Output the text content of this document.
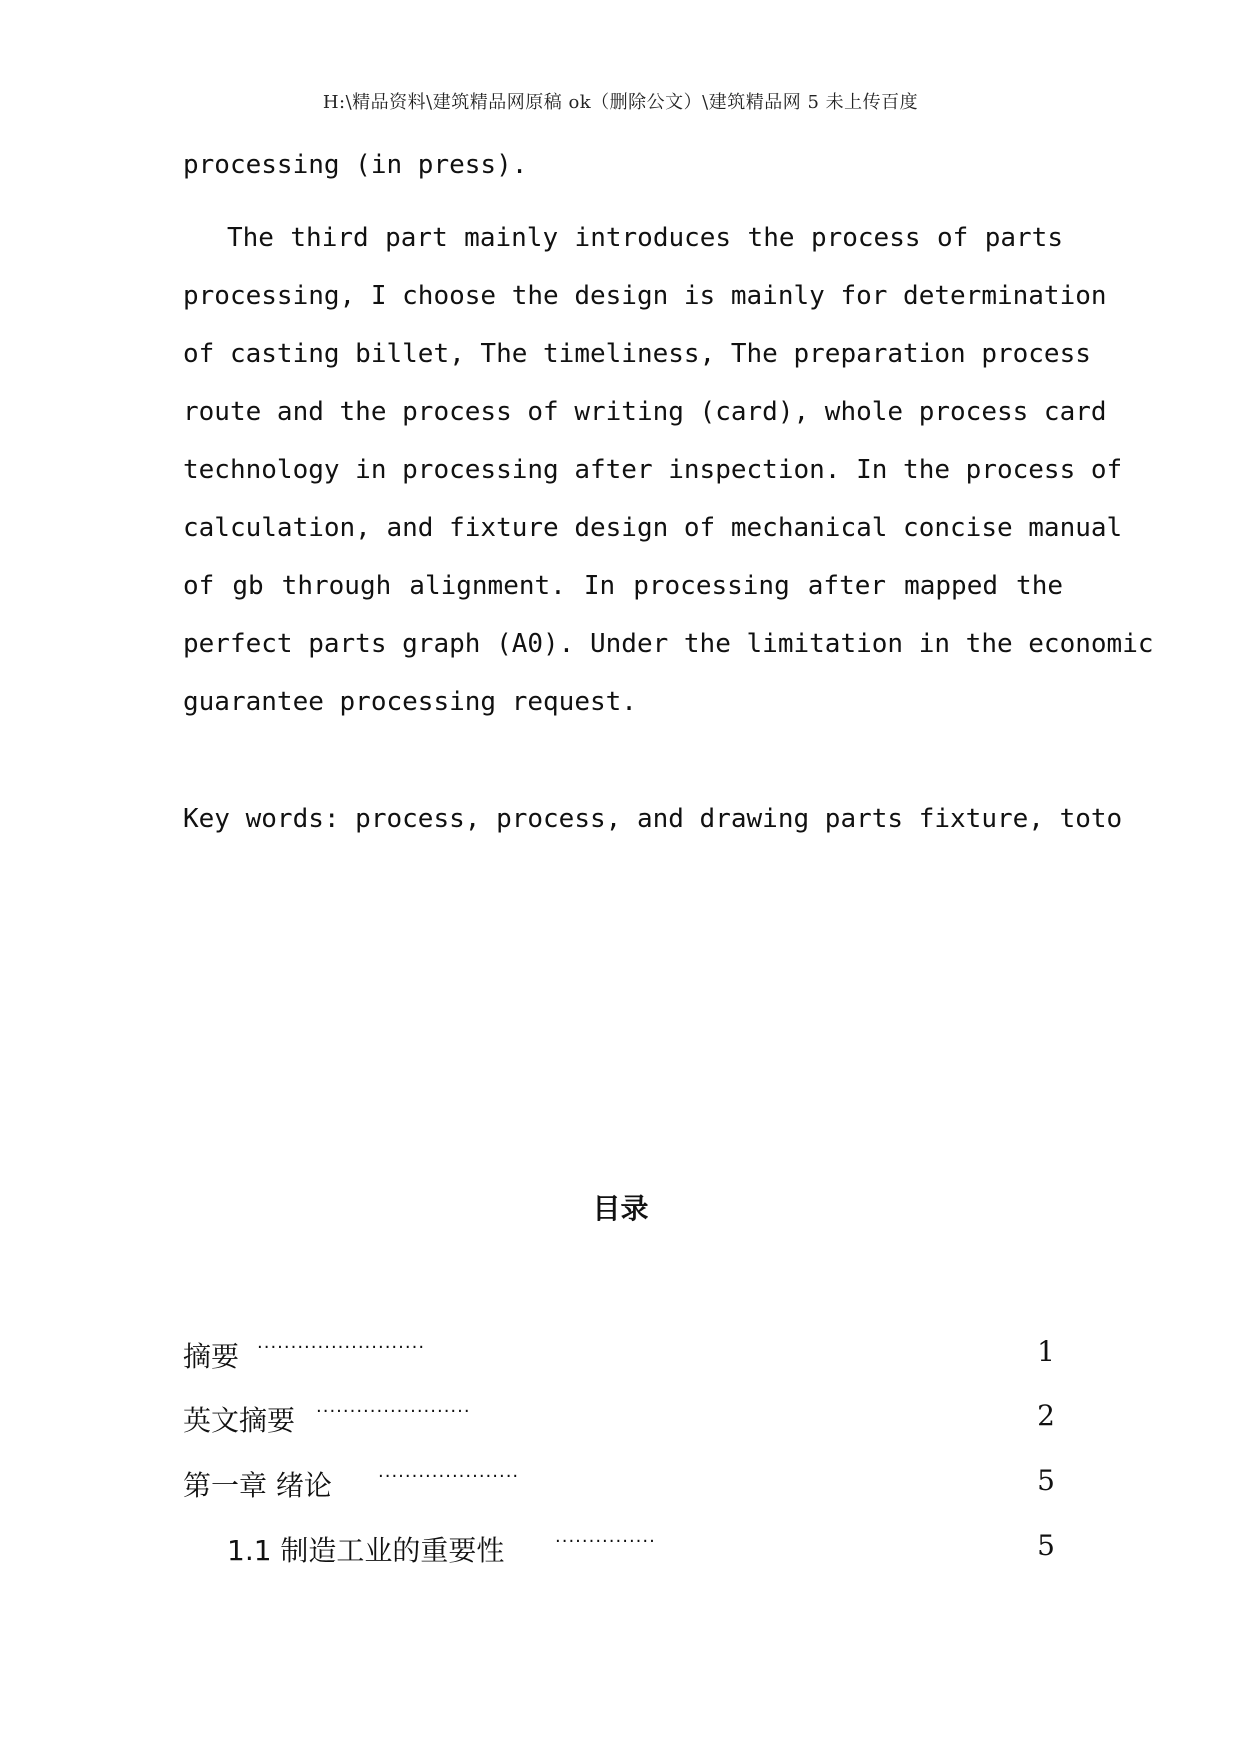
H:\精品资料\建筑精品网原稿 ok（删除公文）\建筑精品网 5 未上传百度
processing (in press).
The third part mainly introduces the process of parts
processing, I choose the design is mainly for determination
of casting billet, The timeliness, The preparation process
route and the process of writing (card), whole process card
technology in processing after inspection. In the process of
calculation, and fixture design of mechanical concise manual
of gb through alignment. In processing after mapped the
perfect parts graph (A0). Under the limitation in the economic
guarantee processing request.
Key words: process, process, and drawing parts fixture, toto
目录
摘要 ·························	1
英文摘要 ·······················	2
第一章 绪论	·····················	5
1.1 制造工业的重要性	···············	5
